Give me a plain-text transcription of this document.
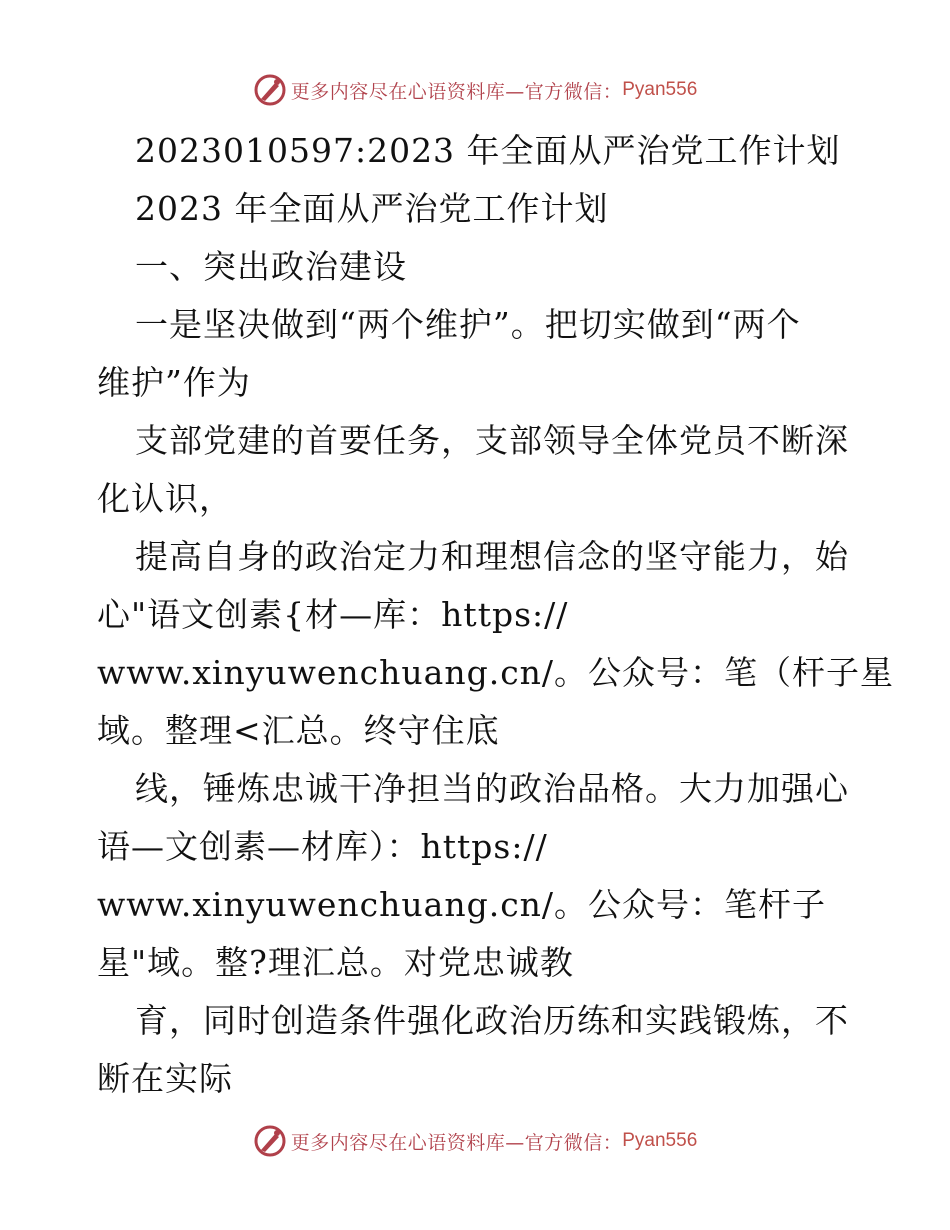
更多内容尽在心语资料库—官方微信： Pyan556
2023010597:2023 年全面从严治党工作计划
2023 年全面从严治党工作计划
一、突出政治建设
一是坚决做到“两个维护”。把切实做到“两个
维护”作为
支部党建的首要任务，支部领导全体党员不断深
化认识，
提高自身的政治定力和理想信念的坚守能力，始
心"语文创素{材—库：https://
www.xinyuwenchuang.cn/。公众号：笔（杆子星
域。整理<汇总。终守住底
线，锤炼忠诚干净担当的政治品格。大力加强心
语—文创素—材库）：https://
www.xinyuwenchuang.cn/。公众号：笔杆子
星"域。整?理汇总。对党忠诚教
育，同时创造条件强化政治历练和实践锻炼，不
断在实际
更多内容尽在心语资料库—官方微信： Pyan556
